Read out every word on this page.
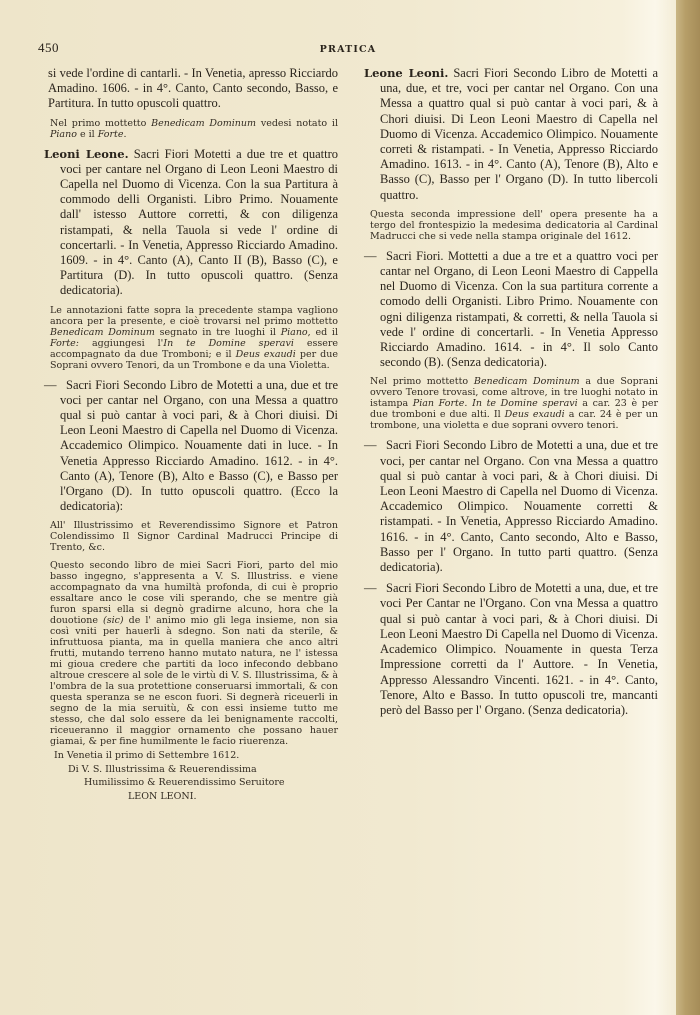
450	PRATICA

si vede l'ordine di cantarli. - In Venetia, apresso Ricciardo Amadino. 1606. - in 4°. Canto, Canto secondo, Basso, e Partitura. In tutto opuscoli quattro.

Nel primo mottetto Benedicam Dominum vedesi notato il Piano e il Forte.

Leoni Leone. Sacri Fiori Motetti a due tre et quattro voci per cantare nel Organo di Leon Leoni Maestro di Capella nel Duomo di Vicenza. Con la sua Partitura à commodo delli Organisti. Libro Primo. Nouamente dall' istesso Auttore corretti, & con diligenza ristampati, & nella Tauola si vede l' ordine di concertarli. - In Venetia, Appresso Ricciardo Amadino. 1609. - in 4°. Canto (A), Canto II (B), Basso (C), e Partitura (D). In tutto opuscoli quattro. (Senza dedicatoria).

Le annotazioni fatte sopra la precedente stampa vagliono ancora per la presente, e cioè trovarsi nel primo mottetto Benedicam Dominum segnato in tre luoghi il Piano, ed il Forte: aggiungesi l'In te Domine speravi essere accompagnato da due Tromboni; e il Deus exaudi per due Soprani ovvero Tenori, da un Trombone e da una Violetta.

— Sacri Fiori Secondo Libro de Motetti a una, due et tre voci per cantar nel Organo, con una Messa a quattro qual si può cantar à voci pari, & à Chori diuisi. Di Leon Leoni Maestro di Capella nel Duomo di Vicenza. Accademico Olimpico. Nouamente dati in luce. - In Venetia Appresso Ricciardo Amadino. 1612. - in 4°. Canto (A), Tenore (B), Alto e Basso (C), e Basso per l'Organo (D). In tutto opuscoli quattro. (Ecco la dedicatoria):

All' Illustrissimo et Reverendissimo Signore et Patron Colendissimo Il Signor Cardinal Madrucci Principe di Trento, &c.

Questo secondo libro de miei Sacri Fiori, parto del mio basso ingegno, s'appresenta a V. S. Illustriss. e viene accompagnato da vna humiltà profonda, di cui è proprio essaltare anco le cose vili sperando, che se mentre già furon sparsi ella si degnò gradirne alcuno, hora che la douotione (sic) de l' animo mio gli lega insieme, non sia così vniti per hauerli à sdegno. Son nati da sterile, & infruttuosa pianta, ma in quella maniera che anco altri frutti, mutando terreno hanno mutato natura, ne l' istessa mi gioua credere che partiti da loco infecondo debbano altroue crescere al sole de le virtù di V. S. Illustrissima, & à l'ombra de la sua protettione conseruarsi immortali, & con questa speranza se ne escon fuori. Si degnerà riceuerli in segno de la mia seruitù, & con essi insieme tutto me stesso, che dal solo essere da lei benignamente raccolti, riceueranno il maggior ornamento che possano hauer giamai, & per fine humilmente le facio riuerenza.

In Venetia il primo di Settembre 1612.

Di V. S. Illustrissima & Reuerendissima

Humilissimo & Reuerendissimo Seruitore

LEON LEONI.

Leone Leoni. Sacri Fiori Secondo Libro de Motetti a una, due, et tre, voci per cantar nel Organo. Con una Messa a quattro qual si può cantar à voci pari, & à Chori diuisi. Di Leon Leoni Maestro di Capella nel Duomo di Vicenza. Accademico Olimpico. Nouamente correti & ristampati. - In Venetia, Appresso Ricciardo Amadino. 1613. - in 4°. Canto (A), Tenore (B), Alto e Basso (C), Basso per l' Organo (D). In tutto libercoli quattro.

Questa seconda impressione dell' opera presente ha a tergo del frontespizio la medesima dedicatoria al Cardinal Madrucci che si vede nella stampa originale del 1612.

— Sacri Fiori. Mottetti a due a tre et a quattro voci per cantar nel Organo, di Leon Leoni Maestro di Cappella nel Duomo di Vicenza. Con la sua partitura corrente a comodo delli Organisti. Libro Primo. Nouamente con ogni diligenza ristampati, & corretti, & nella Tauola si vede l' ordine di concertarli. - In Venetia Appresso Ricciardo Amadino. 1614. - in 4°. Il solo Canto secondo (B). (Senza dedicatoria).

Nel primo mottetto Benedicam Dominum a due Soprani ovvero Tenore trovasi, come altrove, in tre luoghi notato in istampa Pian Forte. In te Domine speravi a car. 23 è per due tromboni e due alti. Il Deus exaudi a car. 24 è per un trombone, una violetta e due soprani ovvero tenori.

— Sacri Fiori Secondo Libro de Motetti a una, due et tre voci, per cantar nel Organo. Con vna Messa a quattro qual si può cantar à voci pari, & à Chori diuisi. Di Leon Leoni Maestro di Capella nel Duomo di Vicenza. Accademico Olimpico. Nouamente corretti & ristampati. - In Venetia, Appresso Ricciardo Amadino. 1616. - in 4°. Canto, Canto secondo, Alto e Basso, Basso per l' Organo. In tutto parti quattro. (Senza dedicatoria).

— Sacri Fiori Secondo Libro de Motetti a una, due, et tre voci Per Cantar ne l'Organo. Con vna Messa a quattro qual si può cantar à voci pari, & à Chori diuisi. Di Leon Leoni Maestro Di Capella nel Duomo di Vicenza. Academico Olimpico. Nouamente in questa Terza Impressione corretti da l' Auttore. - In Venetia, Appresso Alessandro Vincenti. 1621. - in 4°. Canto, Tenore, Alto e Basso. In tutto opuscoli tre, mancanti però del Basso per l' Organo. (Senza dedicatoria).
